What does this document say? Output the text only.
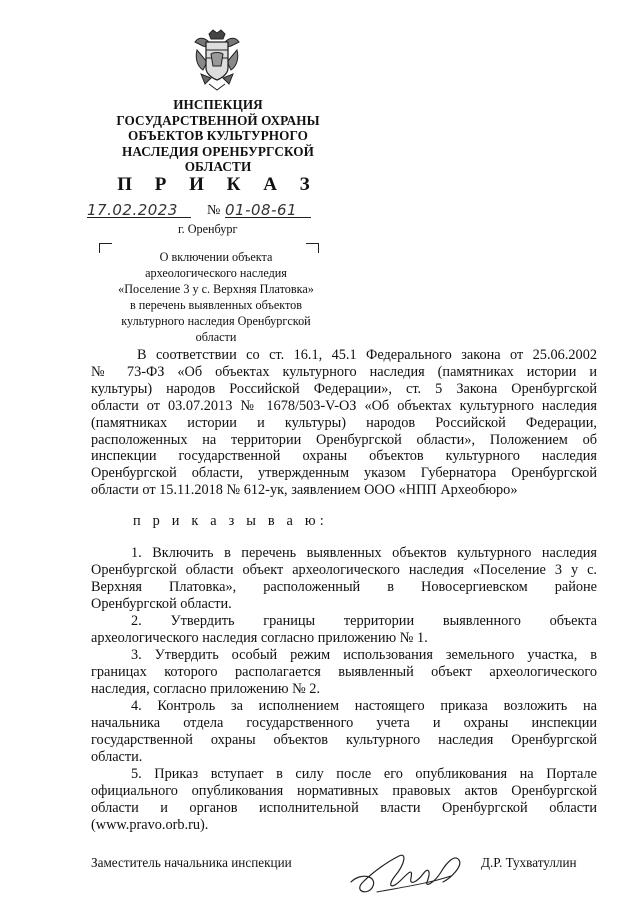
ИНСПЕКЦИЯ
ГОСУДАРСТВЕННОЙ ОХРАНЫ
ОБЪЕКТОВ КУЛЬТУРНОГО
НАСЛЕДИЯ ОРЕНБУРГСКОЙ
ОБЛАСТИ
П Р И К А З
17.02.2023	№ 01-08-61
г. Оренбург
О включении объекта
археологического наследия
«Поселение 3 у с. Верхняя Платовка»
в перечень выявленных объектов
культурного наследия Оренбургской
области
В соответствии со ст. 16.1, 45.1 Федерального закона от 25.06.2002
№ 73-ФЗ «Об объектах культурного наследия (памятниках истории и
культуры) народов Российской Федерации», ст. 5 Закона Оренбургской
области от 03.07.2013 № 1678/503-V-ОЗ «Об объектах культурного наследия
(памятниках истории и культуры) народов Российской Федерации,
расположенных на территории Оренбургской области», Положением об
инспекции государственной охраны объектов культурного наследия
Оренбургской области, утвержденным указом Губернатора Оренбургской
области от 15.11.2018 № 612-ук, заявлением ООО «НПП Археобюро»
п р и к а з ы в а ю:
1. Включить в перечень выявленных объектов культурного наследия
Оренбургской области объект археологического наследия «Поселение 3 у с.
Верхняя Платовка», расположенный в Новосергиевском районе
Оренбургской области.
2. Утвердить границы территории выявленного объекта
археологического наследия согласно приложению № 1.
3. Утвердить особый режим использования земельного участка, в
границах которого располагается выявленный объект археологического
наследия, согласно приложению № 2.
4. Контроль за исполнением настоящего приказа возложить на
начальника отдела государственного учета и охраны инспекции
государственной охраны объектов культурного наследия Оренбургской
области.
5. Приказ вступает в силу после его опубликования на Портале
официального опубликования нормативных правовых актов Оренбургской
области и органов исполнительной власти Оренбургской области
(www.pravo.orb.ru).
Заместитель начальника инспекции	Д.Р. Тухватуллин
